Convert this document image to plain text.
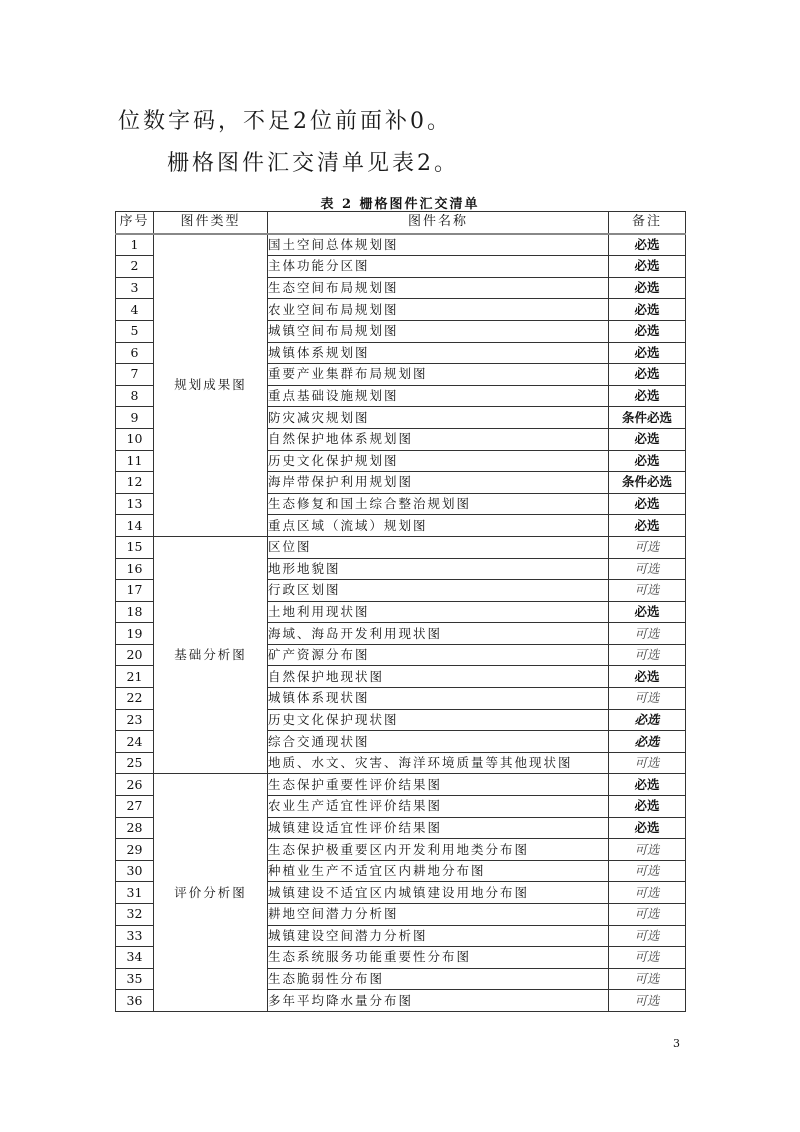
位数字码，不足2位前面补0。
栅格图件汇交清单见表2。
表 2 栅格图件汇交清单
序号	图件类型	图件名称	备注
1	规划成果图	国土空间总体规划图	必选
2		主体功能分区图	必选
3		生态空间布局规划图	必选
4		农业空间布局规划图	必选
5		城镇空间布局规划图	必选
6		城镇体系规划图	必选
7		重要产业集群布局规划图	必选
8		重点基础设施规划图	必选
9		防灾减灾规划图	条件必选
10		自然保护地体系规划图	必选
11		历史文化保护规划图	必选
12		海岸带保护利用规划图	条件必选
13		生态修复和国土综合整治规划图	必选
14		重点区域（流域）规划图	必选
15	基础分析图	区位图	可选
16		地形地貌图	可选
17		行政区划图	可选
18		土地利用现状图	必选
19		海域、海岛开发利用现状图	可选
20		矿产资源分布图	可选
21		自然保护地现状图	必选
22		城镇体系现状图	可选
23		历史文化保护现状图	必选
24		综合交通现状图	必选
25		地质、水文、灾害、海洋环境质量等其他现状图	可选
26	评价分析图	生态保护重要性评价结果图	必选
27		农业生产适宜性评价结果图	必选
28		城镇建设适宜性评价结果图	必选
29		生态保护极重要区内开发利用地类分布图	可选
30		种植业生产不适宜区内耕地分布图	可选
31		城镇建设不适宜区内城镇建设用地分布图	可选
32		耕地空间潜力分析图	可选
33		城镇建设空间潜力分析图	可选
34		生态系统服务功能重要性分布图	可选
35		生态脆弱性分布图	可选
36		多年平均降水量分布图	可选
3
